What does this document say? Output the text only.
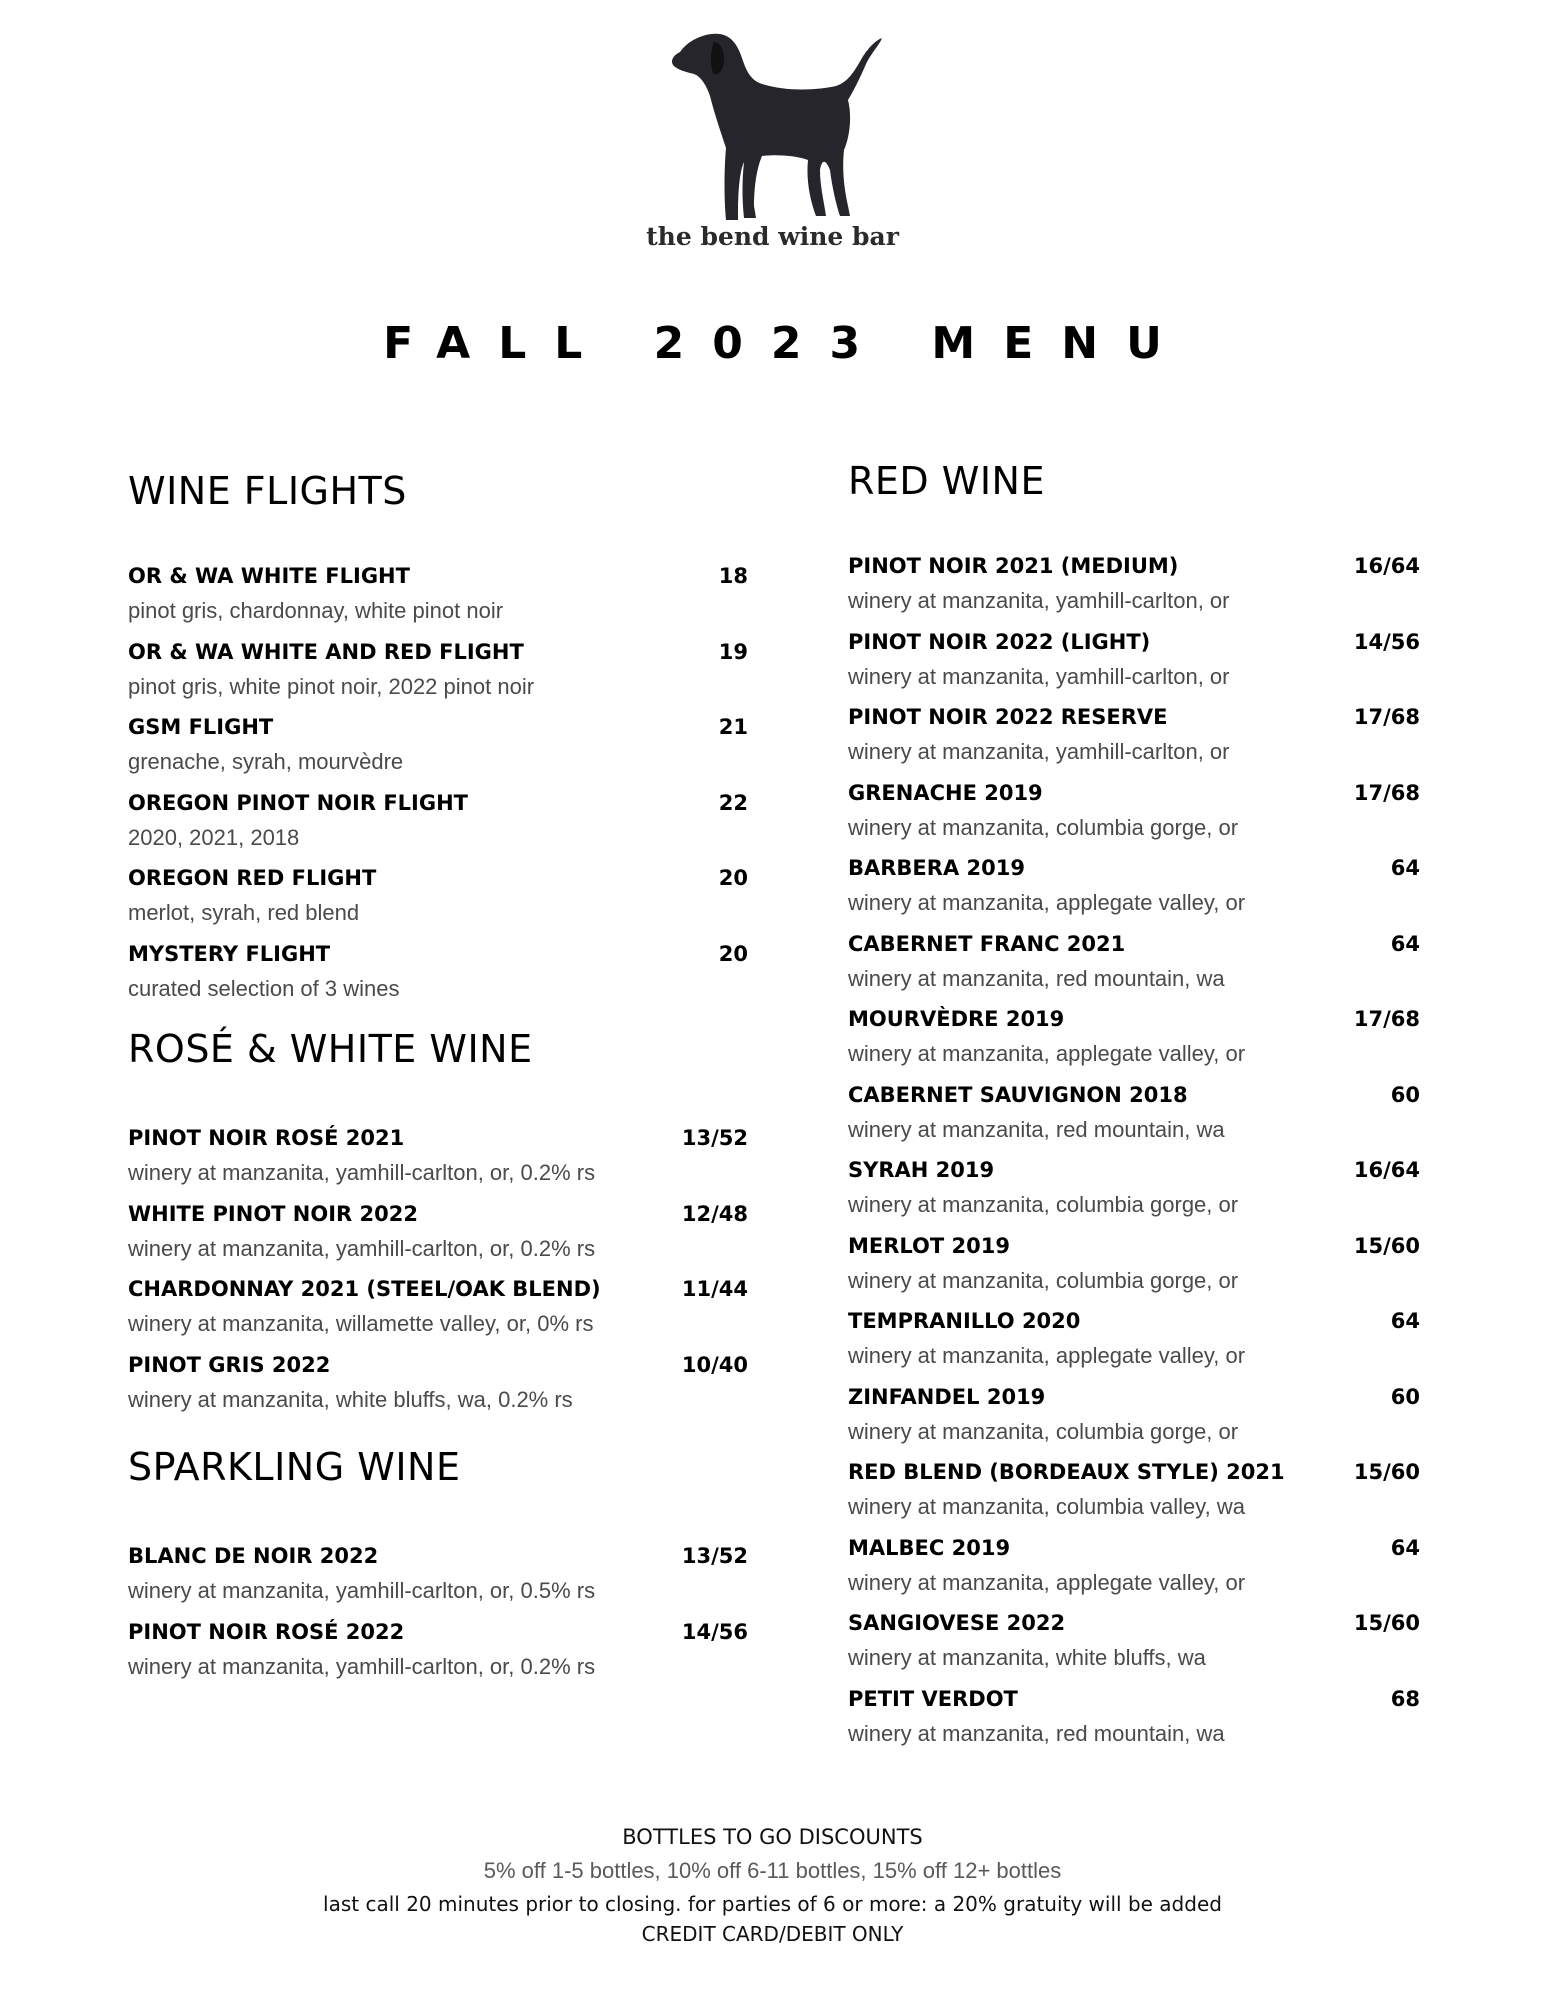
the bend wine bar
FALL 2023 MENU
WINE FLIGHTS
OR & WA WHITE FLIGHT	18
pinot gris, chardonnay, white pinot noir
OR & WA WHITE AND RED FLIGHT	19
pinot gris, white pinot noir, 2022 pinot noir
GSM FLIGHT	21
grenache, syrah, mourvèdre
OREGON PINOT NOIR FLIGHT	22
2020, 2021, 2018
OREGON RED FLIGHT	20
merlot, syrah, red blend
MYSTERY FLIGHT	20
curated selection of 3 wines
ROSÉ & WHITE WINE
PINOT NOIR ROSÉ 2021	13/52
winery at manzanita, yamhill-carlton, or, 0.2% rs
WHITE PINOT NOIR 2022	12/48
winery at manzanita, yamhill-carlton, or, 0.2% rs
CHARDONNAY 2021 (STEEL/OAK BLEND)	11/44
winery at manzanita, willamette valley, or, 0% rs
PINOT GRIS 2022	10/40
winery at manzanita, white bluffs, wa, 0.2% rs
SPARKLING WINE
BLANC DE NOIR 2022	13/52
winery at manzanita, yamhill-carlton, or, 0.5% rs
PINOT NOIR ROSÉ 2022	14/56
winery at manzanita, yamhill-carlton, or, 0.2% rs
RED WINE
PINOT NOIR 2021 (MEDIUM)	16/64
winery at manzanita, yamhill-carlton, or
PINOT NOIR 2022 (LIGHT)	14/56
winery at manzanita, yamhill-carlton, or
PINOT NOIR 2022 RESERVE	17/68
winery at manzanita, yamhill-carlton, or
GRENACHE 2019	17/68
winery at manzanita, columbia gorge, or
BARBERA 2019	64
winery at manzanita, applegate valley, or
CABERNET FRANC 2021	64
winery at manzanita, red mountain, wa
MOURVÈDRE 2019	17/68
winery at manzanita, applegate valley, or
CABERNET SAUVIGNON 2018	60
winery at manzanita, red mountain, wa
SYRAH 2019	16/64
winery at manzanita, columbia gorge, or
MERLOT 2019	15/60
winery at manzanita, columbia gorge, or
TEMPRANILLO 2020	64
winery at manzanita, applegate valley, or
ZINFANDEL 2019	60
winery at manzanita, columbia gorge, or
RED BLEND (BORDEAUX STYLE) 2021	15/60
winery at manzanita, columbia valley, wa
MALBEC 2019	64
winery at manzanita, applegate valley, or
SANGIOVESE 2022	15/60
winery at manzanita, white bluffs, wa
PETIT VERDOT	68
winery at manzanita, red mountain, wa
BOTTLES TO GO DISCOUNTS
5% off 1-5 bottles, 10% off 6-11 bottles, 15% off 12+ bottles
last call 20 minutes prior to closing. for parties of 6 or more: a 20% gratuity will be added
CREDIT CARD/DEBIT ONLY
